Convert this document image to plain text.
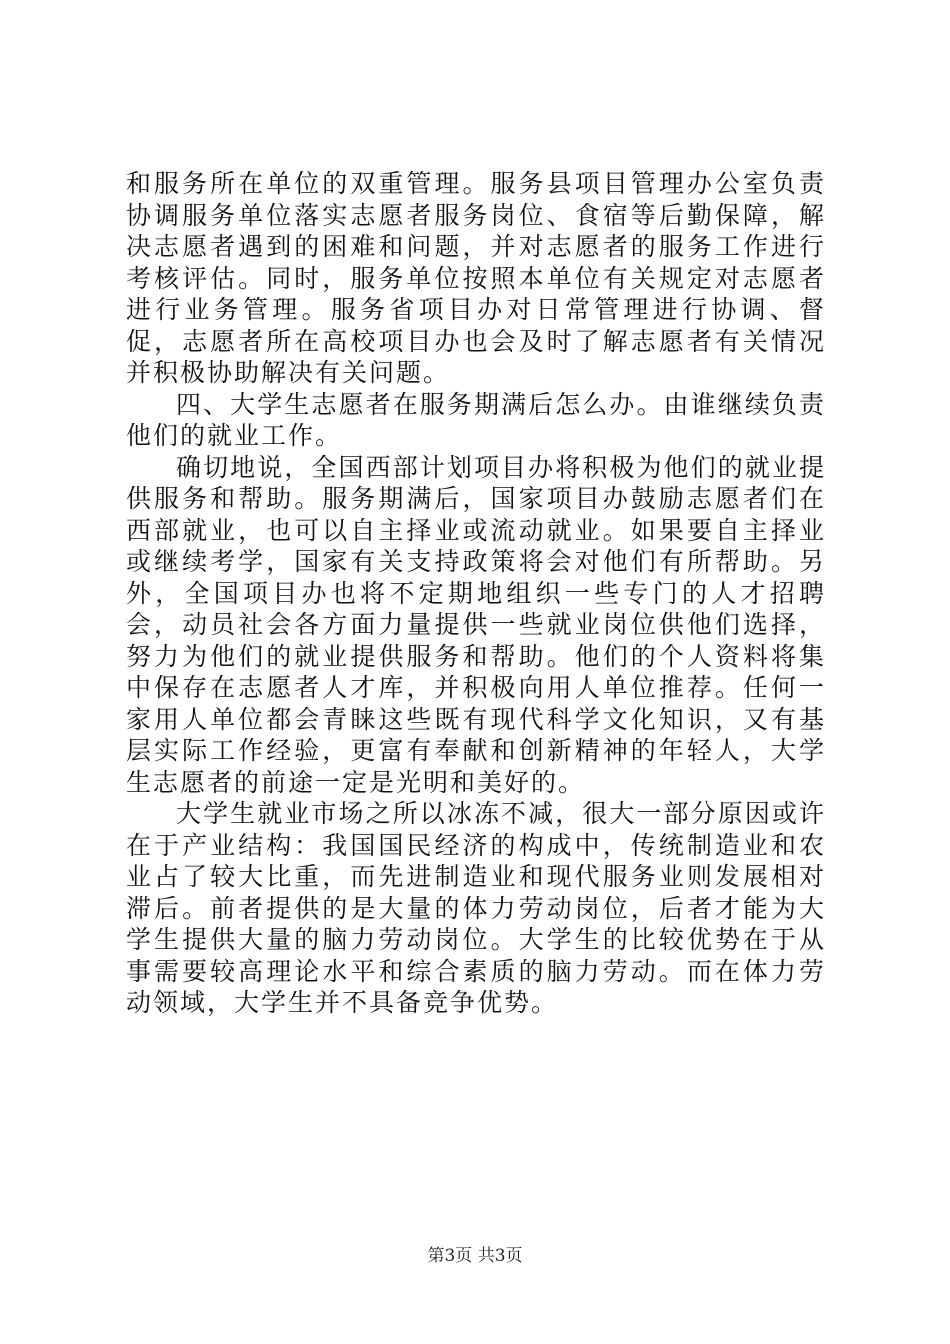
和服务所在单位的双重管理。服务县项目管理办公室负责协调服务单位落实志愿者服务岗位、食宿等后勤保障，解决志愿者遇到的困难和问题，并对志愿者的服务工作进行考核评估。同时，服务单位按照本单位有关规定对志愿者进行业务管理。服务省项目办对日常管理进行协调、督促，志愿者所在高校项目办也会及时了解志愿者有关情况并积极协助解决有关问题。

四、大学生志愿者在服务期满后怎么办。由谁继续负责他们的就业工作。

确切地说，全国西部计划项目办将积极为他们的就业提供服务和帮助。服务期满后，国家项目办鼓励志愿者们在西部就业，也可以自主择业或流动就业。如果要自主择业或继续考学，国家有关支持政策将会对他们有所帮助。另外，全国项目办也将不定期地组织一些专门的人才招聘会，动员社会各方面力量提供一些就业岗位供他们选择，努力为他们的就业提供服务和帮助。他们的个人资料将集中保存在志愿者人才库，并积极向用人单位推荐。任何一家用人单位都会青睐这些既有现代科学文化知识，又有基层实际工作经验，更富有奉献和创新精神的年轻人，大学生志愿者的前途一定是光明和美好的。

大学生就业市场之所以冰冻不减，很大一部分原因或许在于产业结构：我国国民经济的构成中，传统制造业和农业占了较大比重，而先进制造业和现代服务业则发展相对滞后。前者提供的是大量的体力劳动岗位，后者才能为大学生提供大量的脑力劳动岗位。大学生的比较优势在于从事需要较高理论水平和综合素质的脑力劳动。而在体力劳动领域，大学生并不具备竞争优势。

第3页 共3页
